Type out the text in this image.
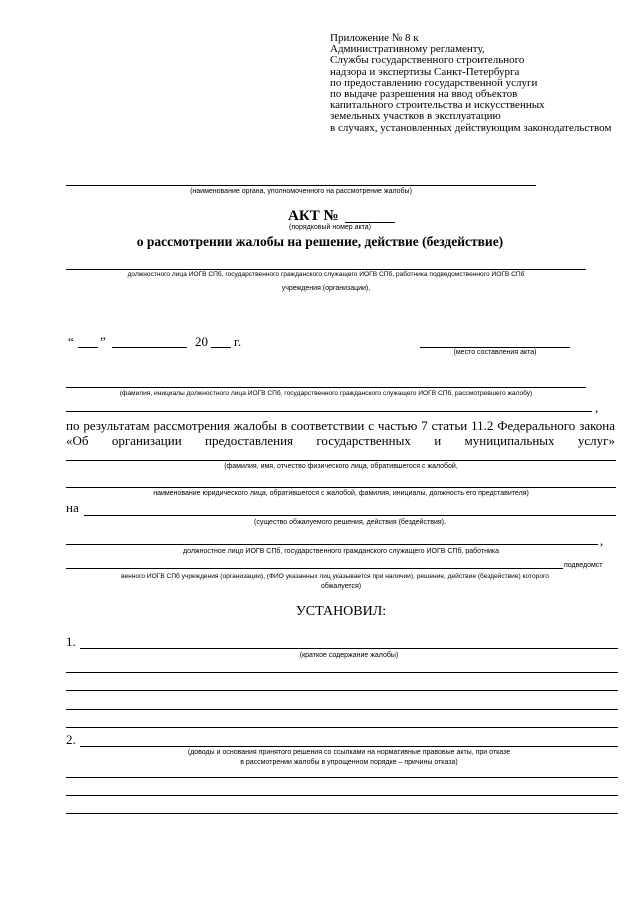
Приложение № 8 к
Административному регламенту,
Службы государственного строительного
надзора и экспертизы Санкт-Петербурга
по предоставлению государственной услуги
по выдаче разрешения на ввод объектов
капитального строительства и искусственных
земельных участков в эксплуатацию
в случаях, установленных действующим законодательством
(наименование органа, уполномоченного на рассмотрение жалобы)
АКТ №
(порядковый номер акта)
о рассмотрении жалобы на решение, действие (бездействие)
должностного лица ИОГВ СПб, государственного гражданского служащего ИОГВ СПб, работника подведомственного ИОГВ СПб
учреждения (организации),
“ ”	20 г.
(место составления акта)
(фамилия, инициалы должностного лица ИОГВ СПб, государственного гражданского служащего ИОГВ СПб, рассмотревшего жалобу)
,
по результатам рассмотрения жалобы в соответствии с частью 7 статьи 11.2 Федерального закона
«Об организации предоставления государственных и муниципальных услуг»
(фамилия, имя, отчество физического лица, обратившегося с жалобой,
наименование юридического лица, обратившегося с жалобой, фамилия, инициалы, должность его представителя)
на
(существо обжалуемого решения, действия (бездействия),
,
должностное лицо ИОГВ СПб, государственного гражданского служащего ИОГВ СПб, работника
подведомст
венного ИОГВ СПб учреждения (организации), (ФИО указанных лиц указывается при наличии), решение, действие (бездействие) которого
обжалуется)
УСТАНОВИЛ:
1.
(краткое содержание жалобы)
2.
(доводы и основания принятого решения со ссылками на нормативные правовые акты, при отказе
в рассмотрении жалобы в упрощенном порядке – причины отказа)
